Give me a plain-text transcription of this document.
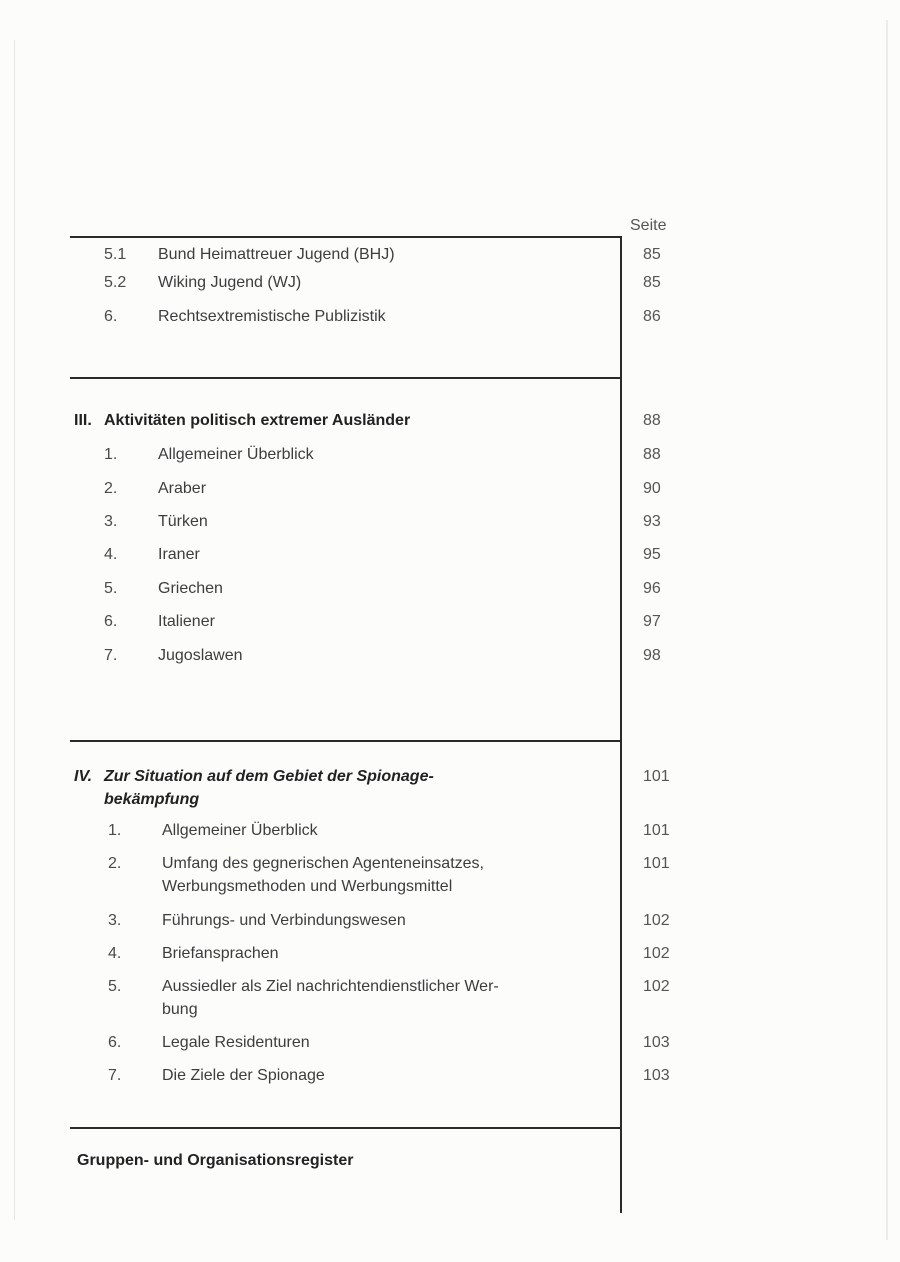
Seite
5.1	Bund Heimattreuer Jugend (BHJ)	85
5.2	Wiking Jugend (WJ)	85
6.	Rechtsextremistische Publizistik	86
III. Aktivitäten politisch extremer Ausländer	88
1.	Allgemeiner Überblick	88
2.	Araber	90
3.	Türken	93
4.	Iraner	95
5.	Griechen	96
6.	Italiener	97
7.	Jugoslawen	98
IV. Zur Situation auf dem Gebiet der Spionage-	101
bekämpfung
1.	Allgemeiner Überblick	101
2.	Umfang des gegnerischen Agenteneinsatzes,	101
Werbungsmethoden und Werbungsmittel
3.	Führungs- und Verbindungswesen	102
4.	Briefansprachen	102
5.	Aussiedler als Ziel nachrichtendienstlicher Wer-	102
bung
6.	Legale Residenturen	103
7.	Die Ziele der Spionage	103
Gruppen- und Organisationsregister
